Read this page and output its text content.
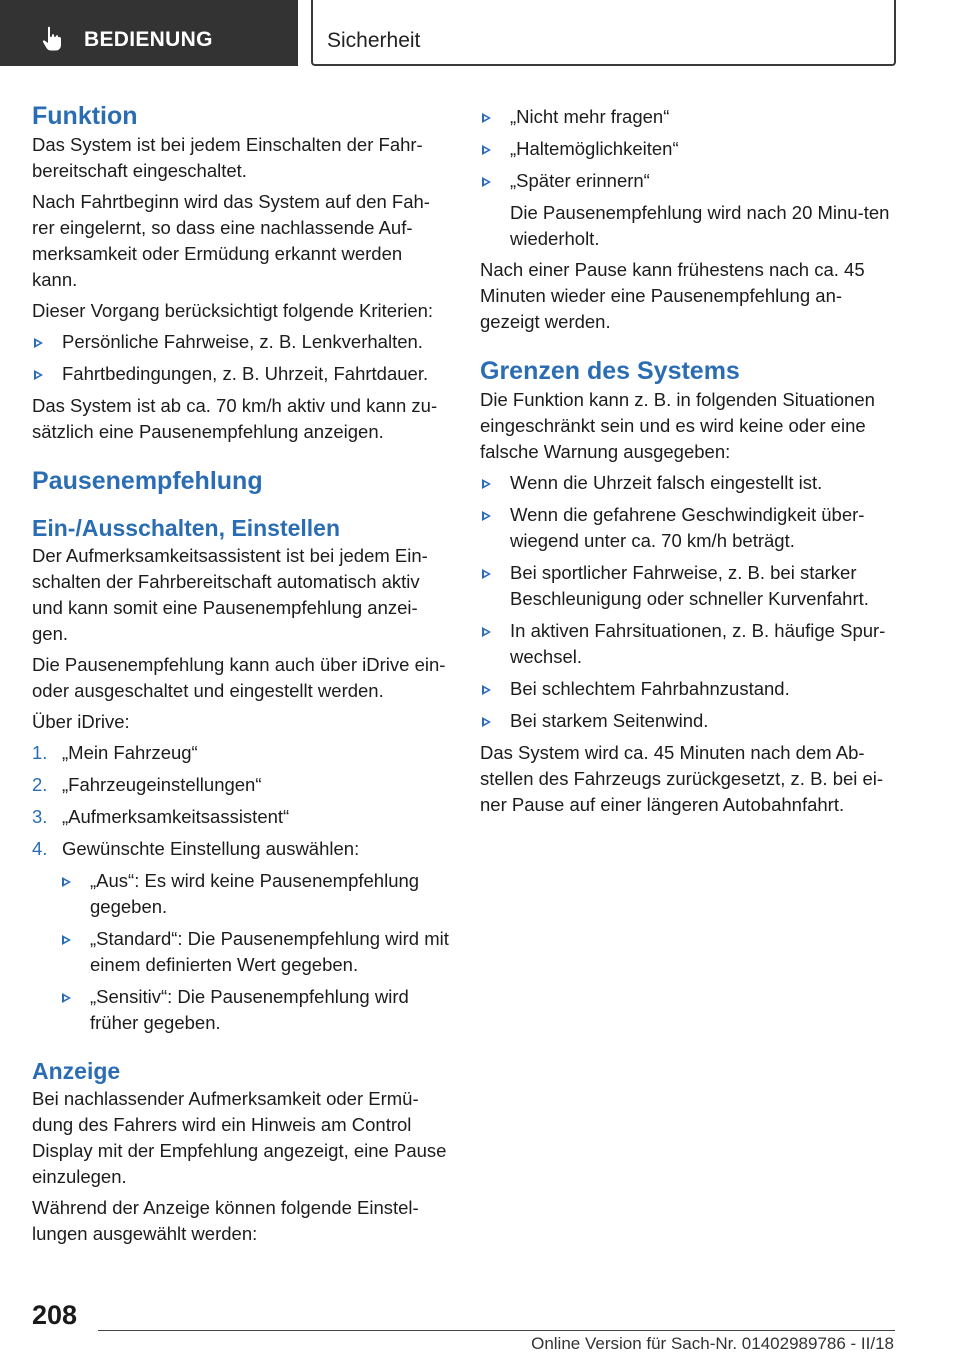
BEDIENUNG	Sicherheit
Funktion

Das System ist bei jedem Einschalten der Fahr‐bereitschaft eingeschaltet.

Nach Fahrtbeginn wird das System auf den Fah‐rer eingelernt, so dass eine nachlassende Auf‐merksamkeit oder Ermüdung erkannt werden kann.

Dieser Vorgang berücksichtigt folgende Kriterien:

Persönliche Fahrweise, z. B. Lenkverhalten.
Fahrtbedingungen, z. B. Uhrzeit, Fahrtdauer.

Das System ist ab ca. 70 km/h aktiv und kann zu‐sätzlich eine Pausenempfehlung anzeigen.

Pausenempfehlung
Ein-/Ausschalten, Einstellen

Der Aufmerksamkeitsassistent ist bei jedem Ein‐schalten der Fahrbereitschaft automatisch aktiv und kann somit eine Pausenempfehlung anzei‐gen.

Die Pausenempfehlung kann auch über iDrive ein- oder ausgeschaltet und eingestellt werden.

Über iDrive:

1. „Mein Fahrzeug“
2. „Fahrzeugeinstellungen“
3. „Aufmerksamkeitsassistent“
4. Gewünschte Einstellung auswählen:
„Aus“: Es wird keine Pausenempfehlung gegeben.
„Standard“: Die Pausenempfehlung wird mit einem definierten Wert gegeben.
„Sensitiv“: Die Pausenempfehlung wird früher gegeben.
Anzeige

Bei nachlassender Aufmerksamkeit oder Ermü‐dung des Fahrers wird ein Hinweis am Control Display mit der Empfehlung angezeigt, eine Pause einzulegen.

Während der Anzeige können folgende Einstel‐lungen ausgewählt werden:

„Nicht mehr fragen“
„Haltemöglichkeiten“
„Später erinnern“

Die Pausenempfehlung wird nach 20 Minu‐ten wiederholt.

Nach einer Pause kann frühestens nach ca. 45 Minuten wieder eine Pausenempfehlung an‐gezeigt werden.

Grenzen des Systems

Die Funktion kann z. B. in folgenden Situationen eingeschränkt sein und es wird keine oder eine falsche Warnung ausgegeben:

Wenn die Uhrzeit falsch eingestellt ist.
Wenn die gefahrene Geschwindigkeit über‐wiegend unter ca. 70 km/h beträgt.
Bei sportlicher Fahrweise, z. B. bei starker Beschleunigung oder schneller Kurvenfahrt.
In aktiven Fahrsituationen, z. B. häufige Spur‐wechsel.
Bei schlechtem Fahrbahnzustand.
Bei starkem Seitenwind.

Das System wird ca. 45 Minuten nach dem Ab‐stellen des Fahrzeugs zurückgesetzt, z. B. bei ei‐ner Pause auf einer längeren Autobahnfahrt.

208
Online Version für Sach-Nr. 01402989786 - II/18
